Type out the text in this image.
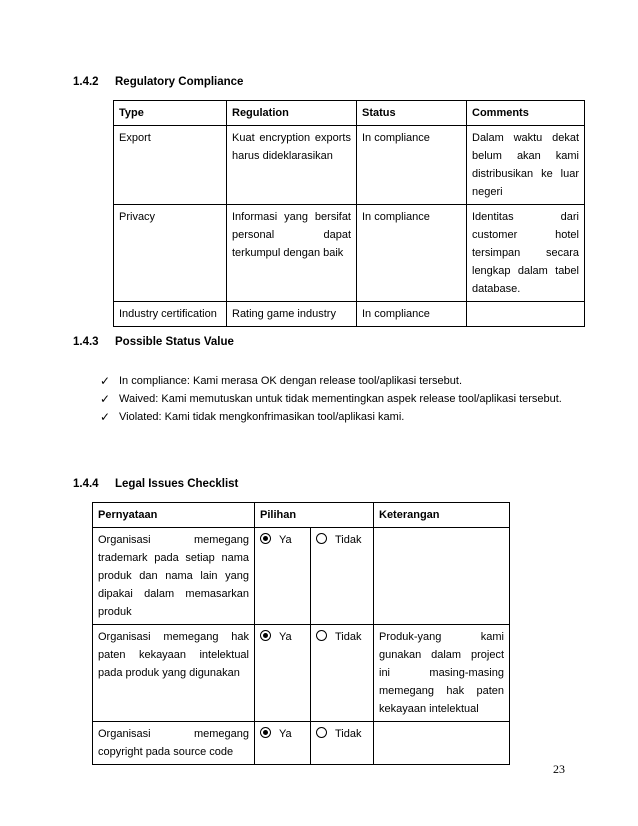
1.4.2 Regulatory Compliance
Type	Regulation	Status	Comments
Export	Kuat encryption exports harus dideklarasikan	In compliance	Dalam waktu dekat belum akan kami distribusikan ke luar negeri
Privacy	Informasi yang bersifat personal dapat terkumpul dengan baik	In compliance	Identitas dari customer hotel tersimpan secara lengkap dalam tabel database.
Industry certification	Rating game industry	In compliance	
1.4.3 Possible Status Value
✓ In compliance: Kami merasa OK dengan release tool/aplikasi tersebut.
✓ Waived: Kami memutuskan untuk tidak mementingkan aspek release tool/aplikasi tersebut.
✓ Violated: Kami tidak mengkonfrimasikan tool/aplikasi kami.
1.4.4 Legal Issues Checklist
Pernyataan	Pilihan		Keterangan
Organisasi memegang trademark pada setiap nama produk dan nama lain yang dipakai dalam memasarkan produk	Ya	Tidak	
Organisasi memegang hak paten kekayaan intelektual pada produk yang digunakan	Ya	Tidak	Produk-yang kami gunakan dalam project ini masing-masing memegang hak paten kekayaan intelektual
Organisasi memegang copyright pada source code	Ya	Tidak	
23
